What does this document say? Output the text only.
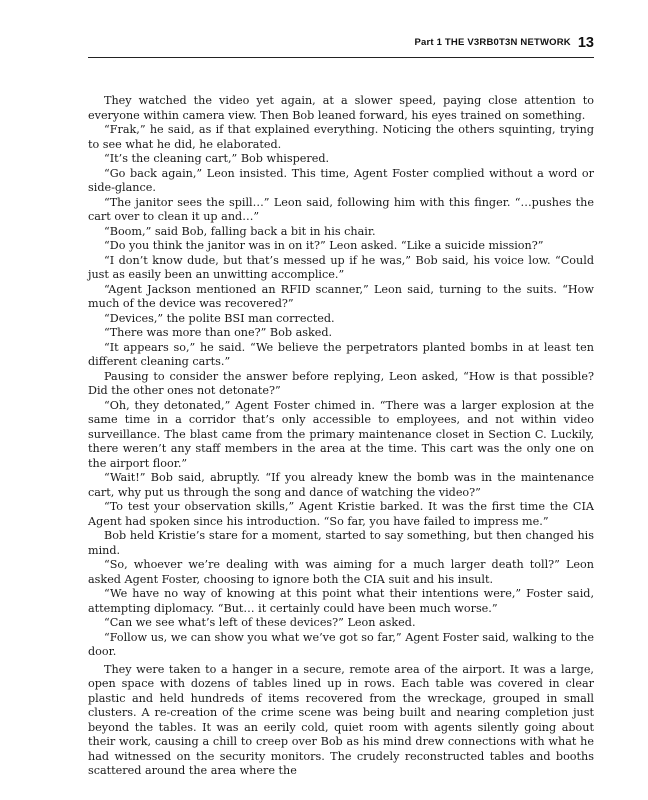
Part 1 THE V3RB0T3N NETWORK 13

They watched the video yet again, at a slower speed, paying close attention to everyone within camera view. Then Bob leaned forward, his eyes trained on something.

“Frak,” he said, as if that explained everything. Noticing the others squinting, trying to see what he did, he elaborated.

“It’s the cleaning cart,” Bob whispered.

“Go back again,” Leon insisted. This time, Agent Foster complied without a word or side-glance.

“The janitor sees the spill…” Leon said, following him with this finger. “…pushes the cart over to clean it up and…”

“Boom,” said Bob, falling back a bit in his chair.

“Do you think the janitor was in on it?” Leon asked. “Like a suicide mission?”

“I don’t know dude, but that’s messed up if he was,” Bob said, his voice low. “Could just as easily been an unwitting accomplice.”

“Agent Jackson mentioned an RFID scanner,” Leon said, turning to the suits. “How much of the device was recovered?”

“Devices,” the polite BSI man corrected.

“There was more than one?” Bob asked.

“It appears so,” he said. “We believe the perpetrators planted bombs in at least ten different cleaning carts.”

Pausing to consider the answer before replying, Leon asked, “How is that possible? Did the other ones not detonate?”

“Oh, they detonated,” Agent Foster chimed in. “There was a larger explosion at the same time in a corridor that’s only accessible to employees, and not within video surveillance. The blast came from the primary maintenance closet in Section C. Luckily, there weren’t any staff members in the area at the time. This cart was the only one on the airport floor.”

“Wait!” Bob said, abruptly. “If you already knew the bomb was in the maintenance cart, why put us through the song and dance of watching the video?”

“To test your observation skills,” Agent Kristie barked. It was the first time the CIA Agent had spoken since his introduction. “So far, you have failed to impress me.”

Bob held Kristie’s stare for a moment, started to say something, but then changed his mind.

“So, whoever we’re dealing with was aiming for a much larger death toll?” Leon asked Agent Foster, choosing to ignore both the CIA suit and his insult.

“We have no way of knowing at this point what their intentions were,” Foster said, attempting diplomacy. “But… it certainly could have been much worse.”

“Can we see what’s left of these devices?” Leon asked.

“Follow us, we can show you what we’ve got so far,” Agent Foster said, walking to the door.

They were taken to a hanger in a secure, remote area of the airport. It was a large, open space with dozens of tables lined up in rows. Each table was covered in clear plastic and held hundreds of items recovered from the wreckage, grouped in small clusters. A re-creation of the crime scene was being built and nearing completion just beyond the tables. It was an eerily cold, quiet room with agents silently going about their work, causing a chill to creep over Bob as his mind drew connections with what he had witnessed on the security monitors. The crudely reconstructed tables and booths scattered around the area where the
